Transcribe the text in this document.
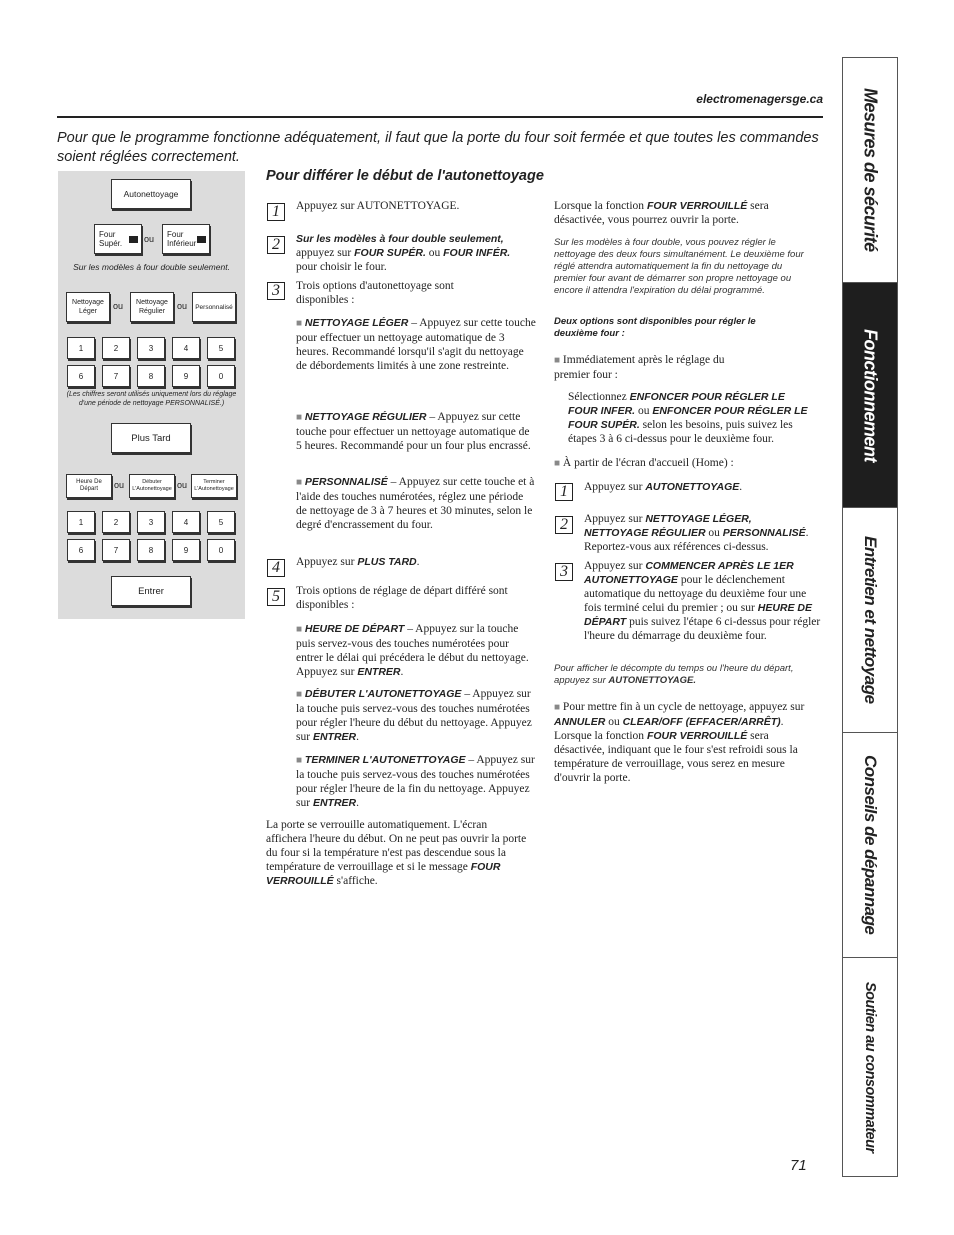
electromenagersge.ca
Pour que le programme fonctionne adéquatement, il faut que la porte du four soit fermée et que toutes les commandes soient réglées correctement.	Mesures de sécurité
Fonctionnement
Entretien et nettoyage
Conseils de dépannage
Soutien au consommateur
Autonettoyage
Four Supér.	ou Four Inférieur
Sur les modèles à four double seulement.
Nettoyage Léger
ou	Nettoyage Régulier
ou	Personnalisé
1	2	3	4	5
6	7	8	9	0
(Les chiffres seront utilisés uniquement lors du réglage d'une période de nettoyage PERSONNALISÉ.)
Plus Tard
Heure De Départ	ou	Débuter L'Autonettoyage ou	Terminer L'Autonettoyage
1	2	3	4	5
6	7	8	9	0
Entrer
Pour différer le début de l'autonettoyage
1	Appuyez sur AUTONETTOYAGE.
2	Sur les modèles à four double seulement,
appuyez sur FOUR SUPÉR. ou FOUR INFÉR.
pour choisir le four.
3	Trois options d'autonettoyage sont disponibles :
■ NETTOYAGE LÉGER – Appuyez sur cette touche pour effectuer un nettoyage automatique de 3 heures. Recommandé lorsqu'il s'agit du nettoyage de débordements limités à une zone restreinte.
■ NETTOYAGE RÉGULIER – Appuyez sur cette touche pour effectuer un nettoyage automatique de 5 heures. Recommandé pour un four plus encrassé.
■ PERSONNALISÉ – Appuyez sur cette touche et à l'aide des touches numérotées, réglez une période de nettoyage de 3 à 7 heures et 30 minutes, selon le degré d'encrassement du four.
4	Appuyez sur PLUS TARD.
5	Trois options de réglage de départ différé sont disponibles :
■ HEURE DE DÉPART – Appuyez sur la touche puis servez-vous des touches numérotées pour entrer le délai qui précédera le début du nettoyage. Appuyez sur ENTRER.
■ DÉBUTER L'AUTONETTOYAGE – Appuyez sur la touche puis servez-vous des touches numérotées pour régler l'heure du début du nettoyage. Appuyez sur ENTRER.
■ TERMINER L'AUTONETTOYAGE – Appuyez sur la touche puis servez-vous des touches numérotées pour régler l'heure de la fin du nettoyage. Appuyez sur ENTRER.
La porte se verrouille automatiquement. L'écran affichera l'heure du début. On ne peut pas ouvrir la porte du four si la température n'est pas descendue sous la température de verrouillage et si le message FOUR VERROUILLÉ s'affiche.
Lorsque la fonction FOUR VERROUILLÉ sera désactivée, vous pourrez ouvrir la porte.
Sur les modèles à four double, vous pouvez régler le nettoyage des deux fours simultanément. Le deuxième four réglé attendra automatiquement la fin du nettoyage du premier four avant de démarrer son propre nettoyage ou encore il attendra l'expiration du délai programmé.
Deux options sont disponibles pour régler le deuxième four :
■ Immédiatement après le réglage du premier four :
Sélectionnez ENFONCER POUR RÉGLER LE FOUR INFER. ou ENFONCER POUR RÉGLER LE FOUR SUPÉR. selon les besoins, puis suivez les étapes 3 à 6 ci-dessus pour le deuxième four.
■ À partir de l'écran d'accueil (Home) :
1	Appuyez sur AUTONETTOYAGE.
2	Appuyez sur NETTOYAGE LÉGER, NETTOYAGE RÉGULIER ou PERSONNALISÉ. Reportez-vous aux références ci-dessus.
3	Appuyez sur COMMENCER APRÈS LE 1ER AUTONETTOYAGE pour le déclenchement automatique du nettoyage du deuxième four une fois terminé celui du premier ; ou sur HEURE DE DÉPART puis suivez l'étape 6 ci-dessus pour régler l'heure du démarrage du deuxième four.
Pour afficher le décompte du temps ou l'heure du départ, appuyez sur AUTONETTOYAGE.
■ Pour mettre fin à un cycle de nettoyage, appuyez sur ANNULER ou CLEAR/OFF (EFFACER/ARRÊT). Lorsque la fonction FOUR VERROUILLÉ sera désactivée, indiquant que le four s'est refroidi sous la température de verrouillage, vous serez en mesure d'ouvrir la porte.
71
